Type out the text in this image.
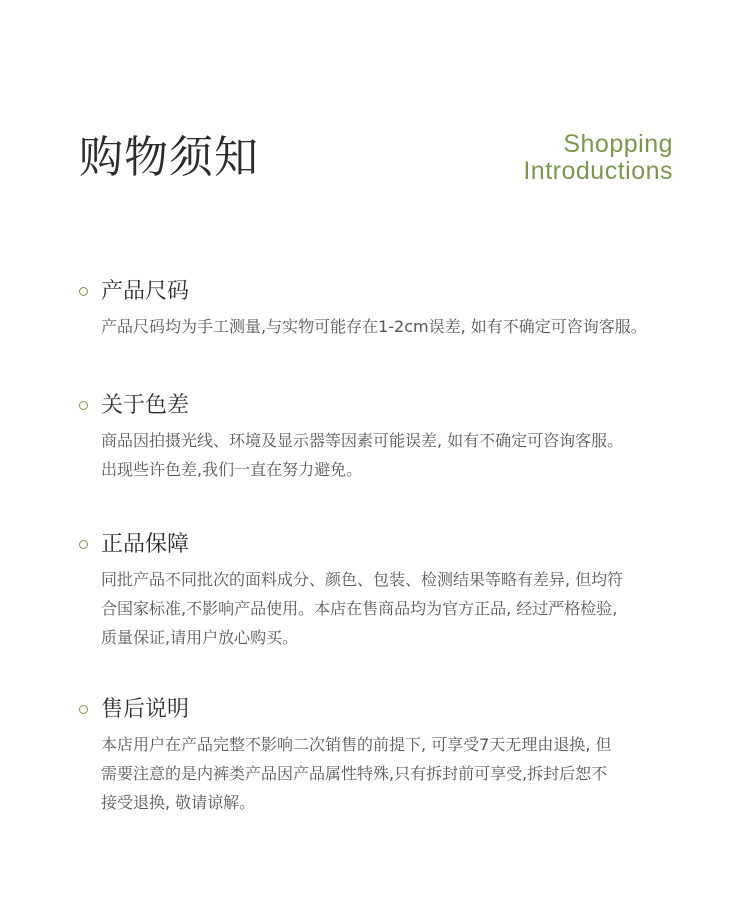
购物须知	Shopping
Introductions
产品尺码
产品尺码均为手工测量,与实物可能存在1-2cm误差, 如有不确定可咨询客服。
关于色差
商品因拍摄光线、环境及显示器等因素可能误差, 如有不确定可咨询客服。
出现些许色差,我们一直在努力避免。
正品保障
同批产品不同批次的面料成分、颜色、包装、检测结果等略有差异, 但均符
合国家标准,不影响产品使用。本店在售商品均为官方正品, 经过严格检验,
质量保证,请用户放心购买。
售后说明
本店用户在产品完整不影响二次销售的前提下, 可享受7天无理由退换, 但
需要注意的是内裤类产品因产品属性特殊,只有拆封前可享受,拆封后恕不
接受退换, 敬请谅解。
